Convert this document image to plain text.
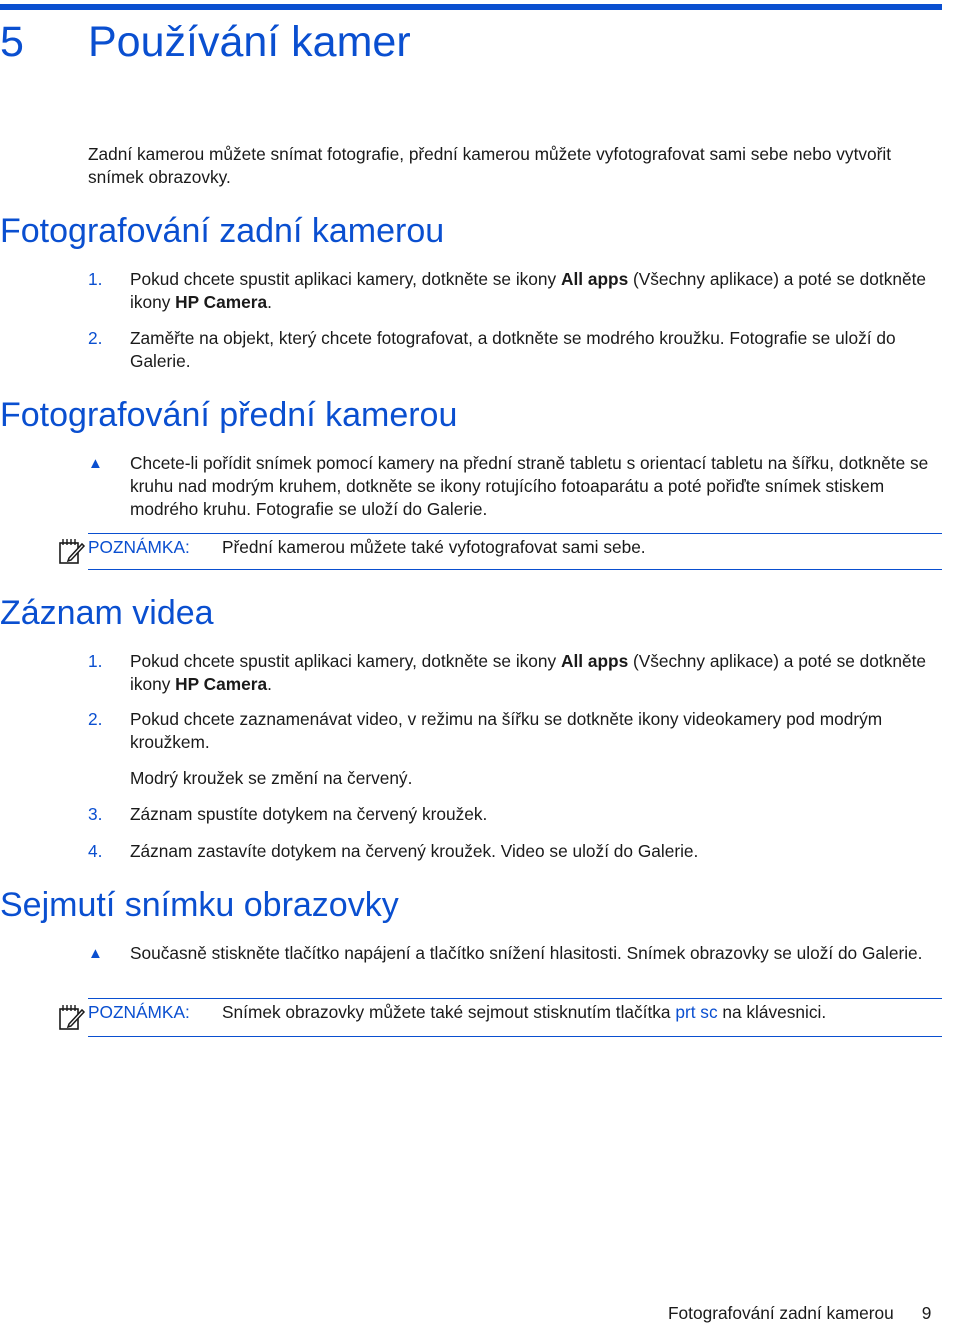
5 Používání kamer
Zadní kamerou můžete snímat fotografie, přední kamerou můžete vyfotografovat sami sebe nebo vytvořit snímek obrazovky.
Fotografování zadní kamerou
1.	Pokud chcete spustit aplikaci kamery, dotkněte se ikony All apps (Všechny aplikace) a poté se dotkněte ikony HP Camera.
2.	Zaměřte na objekt, který chcete fotografovat, a dotkněte se modrého kroužku. Fotografie se uloží do Galerie.
Fotografování přední kamerou
▲	Chcete-li pořídit snímek pomocí kamery na přední straně tabletu s orientací tabletu na šířku, dotkněte se kruhu nad modrým kruhem, dotkněte se ikony rotujícího fotoaparátu a poté pořiďte snímek stiskem modrého kruhu. Fotografie se uloží do Galerie.
POZNÁMKA: Přední kamerou můžete také vyfotografovat sami sebe.
Záznam videa
1.	Pokud chcete spustit aplikaci kamery, dotkněte se ikony All apps (Všechny aplikace) a poté se dotkněte ikony HP Camera.
2.	Pokud chcete zaznamenávat video, v režimu na šířku se dotkněte ikony videokamery pod modrým kroužkem.
Modrý kroužek se změní na červený.
3.	Záznam spustíte dotykem na červený kroužek.
4.	Záznam zastavíte dotykem na červený kroužek. Video se uloží do Galerie.
Sejmutí snímku obrazovky
▲	Současně stiskněte tlačítko napájení a tlačítko snížení hlasitosti. Snímek obrazovky se uloží do Galerie.
POZNÁMKA: Snímek obrazovky můžete také sejmout stisknutím tlačítka prt sc na klávesnici.
Fotografování zadní kamerou 9
